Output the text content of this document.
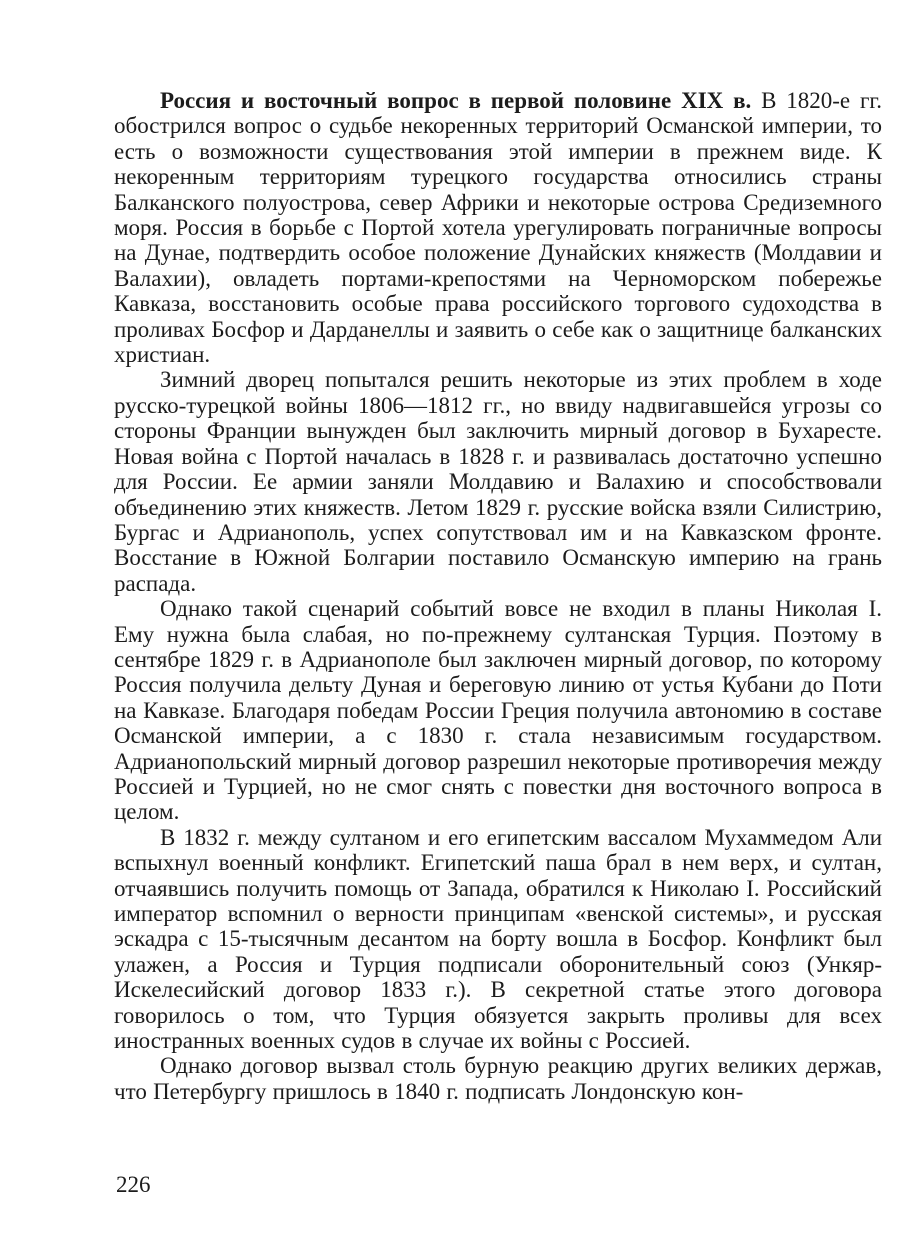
Россия и восточный вопрос в первой половине XIX в. В 1820-е гг. обострился вопрос о судьбе некоренных территорий Османской империи, то есть о возможности существования этой империи в прежнем виде. К некоренным территориям турецкого государства относились страны Балканского полуострова, север Африки и некоторые острова Средиземного моря. Россия в борьбе с Портой хотела урегулировать пограничные вопросы на Дунае, подтвердить особое положение Дунайских княжеств (Молдавии и Валахии), овладеть портами-крепостями на Черноморском побережье Кавказа, восстановить особые права российского торгового судоходства в проливах Босфор и Дарданеллы и заявить о себе как о защитнице балканских христиан.

Зимний дворец попытался решить некоторые из этих проблем в ходе русско-турецкой войны 1806—1812 гг., но ввиду надвигавшейся угрозы со стороны Франции вынужден был заключить мирный договор в Бухаресте. Новая война с Портой началась в 1828 г. и развивалась достаточно успешно для России. Ее армии заняли Молдавию и Валахию и способствовали объединению этих княжеств. Летом 1829 г. русские войска взяли Силистрию, Бургас и Адрианополь, успех сопутствовал им и на Кавказском фронте. Восстание в Южной Болгарии поставило Османскую империю на грань распада.

Однако такой сценарий событий вовсе не входил в планы Николая I. Ему нужна была слабая, но по-прежнему султанская Турция. Поэтому в сентябре 1829 г. в Адрианополе был заключен мирный договор, по которому Россия получила дельту Дуная и береговую линию от устья Кубани до Поти на Кавказе. Благодаря победам России Греция получила автономию в составе Османской империи, а с 1830 г. стала независимым государством. Адрианопольский мирный договор разрешил некоторые противоречия между Россией и Турцией, но не смог снять с повестки дня восточного вопроса в целом.

В 1832 г. между султаном и его египетским вассалом Мухаммедом Али вспыхнул военный конфликт. Египетский паша брал в нем верх, и султан, отчаявшись получить помощь от Запада, обратился к Николаю I. Российский император вспомнил о верности принципам «венской системы», и русская эскадра с 15-тысячным десантом на борту вошла в Босфор. Конфликт был улажен, а Россия и Турция подписали оборонительный союз (Ункяр-Искелесийский договор 1833 г.). В секретной статье этого договора говорилось о том, что Турция обязуется закрыть проливы для всех иностранных военных судов в случае их войны с Россией.

Однако договор вызвал столь бурную реакцию других великих держав, что Петербургу пришлось в 1840 г. подписать Лондонскую кон-

226
